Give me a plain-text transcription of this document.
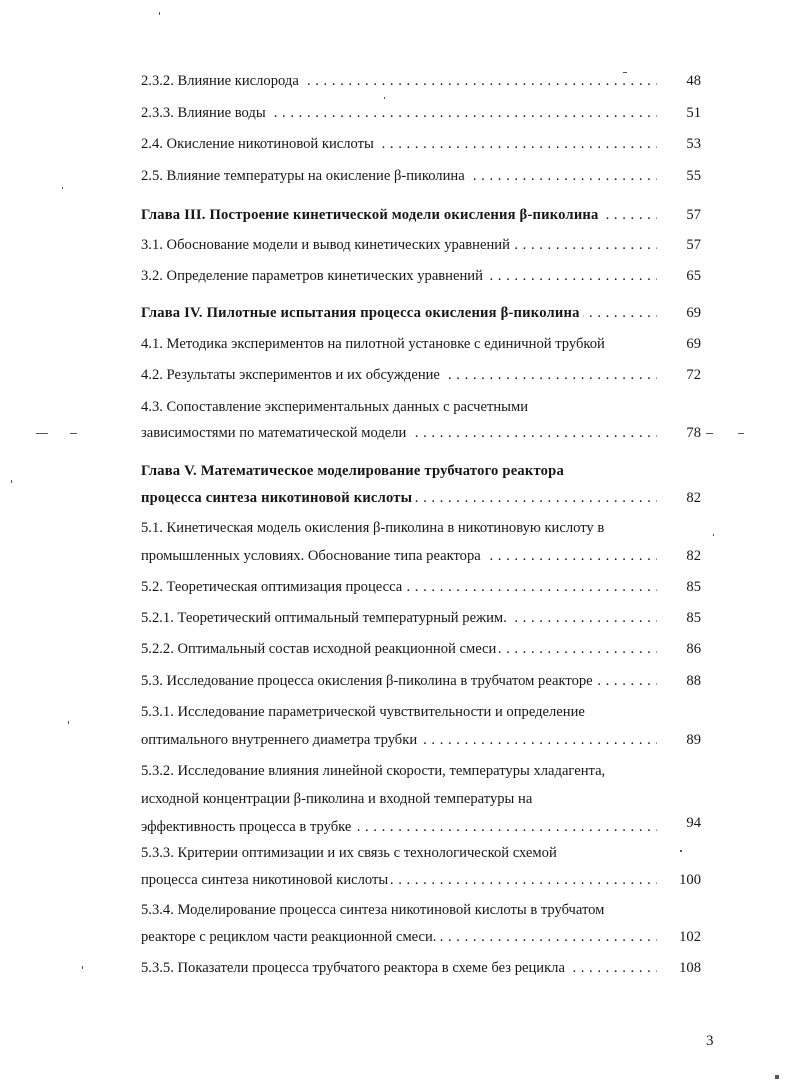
. . . 2.3.2. Влияние кислорода	48
. . . 2.3.3. Влияние воды	51
. . . 2.4. Окисление никотиновой кислоты	53
. . . 2.5. Влияние температуры на окисление β-пиколина	55
. . . Глава III. Построение кинетической модели окисления β-пиколина	57
. . . 3.1. Обоснование модели и вывод кинетических уравнений	57
. . . 3.2. Определение параметров кинетических уравнений	65
. . . Глава IV. Пилотные испытания процесса окисления β-пиколина	69
4.1. Методика экспериментов на пилотной установке с единичной трубкой	69
. . . 4.2. Результаты экспериментов и их обсуждение	72
4.3. Сопоставление экспериментальных данных с расчетными
. . . зависимостями по математической модели	78
Глава V. Математическое моделирование трубчатого реактора
. . . процесса синтеза никотиновой кислоты	82
5.1. Кинетическая модель окисления β-пиколина в никотиновую кислоту в
. . . промышленных условиях. Обоснование типа реактора	82
. . . 5.2. Теоретическая оптимизация процесса	85
. . . 5.2.1. Теоретический оптимальный температурный режим.	85
. . . 5.2.2. Оптимальный состав исходной реакционной смеси	86
. . . 5.3. Исследование процесса окисления β-пиколина в трубчатом реакторе	88
5.3.1. Исследование параметрической чувствительности и определение
. . . оптимального внутреннего диаметра трубки	89
5.3.2. Исследование влияния линейной скорости, температуры хладагента,
исходной концентрации β-пиколина и входной температуры на
. . . эффективность процесса в трубке	94
5.3.3. Критерии оптимизации и их связь с технологической схемой
. . . процесса синтеза никотиновой кислоты	100
5.3.4. Моделирование процесса синтеза никотиновой кислоты в трубчатом
. . . реакторе с рециклом части реакционной смеси.	102
. . . 5.3.5. Показатели процесса трубчатого реактора в схеме без рецикла	108
3
